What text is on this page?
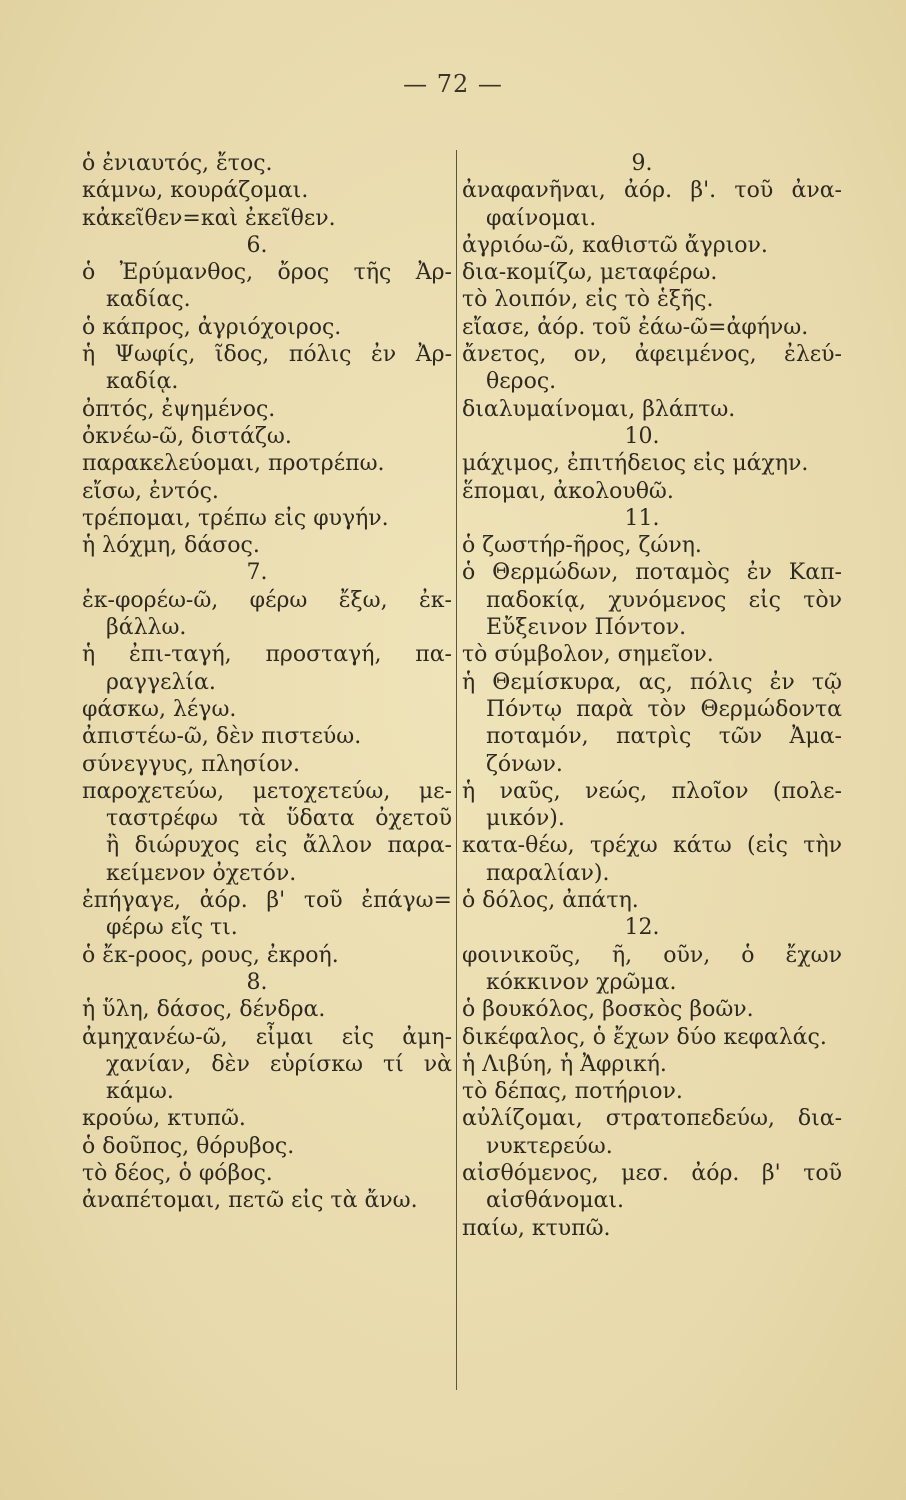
— 72 —
ὁ ἐνιαυτός, ἔτος.
κάμνω, κουράζομαι.
κἀκεῖθεν=καὶ ἐκεῖθεν.
6.
ὁ Ἐρύμανθος, ὄρος τῆς Ἀρ-
καδίας.
ὁ κάπρος, ἀγριόχοιρος.
ἡ Ψωφίς, ῖδος, πόλις ἐν Ἀρ-
καδίᾳ.
ὀπτός, ἐψημένος.
ὀκνέω-ῶ, διστάζω.
παρακελεύομαι, προτρέπω.
εἴσω, ἐντός.
τρέπομαι, τρέπω εἰς φυγήν.
ἡ λόχμη, δάσος.
7.
ἐκ-φορέω-ῶ, φέρω ἔξω, ἐκ-
βάλλω.
ἡ ἐπι-ταγή, προσταγή, πα-
ραγγελία.
φάσκω, λέγω.
ἀπιστέω-ῶ, δὲν πιστεύω.
σύνεγγυς, πλησίον.
παροχετεύω, μετοχετεύω, με-
ταστρέφω τὰ ὕδατα ὀχετοῦ
ἢ διώρυχος εἰς ἄλλον παρα-
κείμενον ὀχετόν.
ἐπήγαγε, ἀόρ. β' τοῦ ἐπάγω=
φέρω εἴς τι.
ὁ ἔκ-ροος, ρους, ἐκροή.
8.
ἡ ὕλη, δάσος, δένδρα.
ἀμηχανέω-ῶ, εἶμαι εἰς ἀμη-
χανίαν, δὲν εὑρίσκω τί νὰ
κάμω.
κρούω, κτυπῶ.
ὁ δοῦπος, θόρυβος.
τὸ δέος, ὁ φόβος.
ἀναπέτομαι, πετῶ εἰς τὰ ἄνω.
9.
ἀναφανῆναι, ἀόρ. β'. τοῦ ἀνα-
φαίνομαι.
ἀγριόω-ῶ, καθιστῶ ἄγριον.
δια-κομίζω, μεταφέρω.
τὸ λοιπόν, εἰς τὸ ἑξῆς.
εἴασε, ἀόρ. τοῦ ἐάω-ῶ=ἀφήνω.
ἄνετος, ον, ἀφειμένος, ἐλεύ-
θερος.
διαλυμαίνομαι, βλάπτω.
10.
μάχιμος, ἐπιτήδειος εἰς μάχην.
ἕπομαι, ἀκολουθῶ.
11.
ὁ ζωστήρ-ῆρος, ζώνη.
ὁ Θερμώδων, ποταμὸς ἐν Καπ-
παδοκίᾳ, χυνόμενος εἰς τὸν
Εὔξεινον Πόντον.
τὸ σύμβολον, σημεῖον.
ἡ Θεμίσκυρα, ας, πόλις ἐν τῷ
Πόντῳ παρὰ τὸν Θερμώδοντα
ποταμόν, πατρὶς τῶν Ἀμα-
ζόνων.
ἡ ναῦς, νεώς, πλοῖον (πολε-
μικόν).
κατα-θέω, τρέχω κάτω (εἰς τὴν
παραλίαν).
ὁ δόλος, ἀπάτη.
12.
φοινικοῦς, ῆ, οῦν, ὁ ἔχων
κόκκινον χρῶμα.
ὁ βουκόλος, βοσκὸς βοῶν.
δικέφαλος, ὁ ἔχων δύο κεφαλάς.
ἡ Λιβύη, ἡ Ἀφρική.
τὸ δέπας, ποτήριον.
αὐλίζομαι, στρατοπεδεύω, δια-
νυκτερεύω.
αἰσθόμενος, μεσ. ἀόρ. β' τοῦ
αἰσθάνομαι.
παίω, κτυπῶ.
